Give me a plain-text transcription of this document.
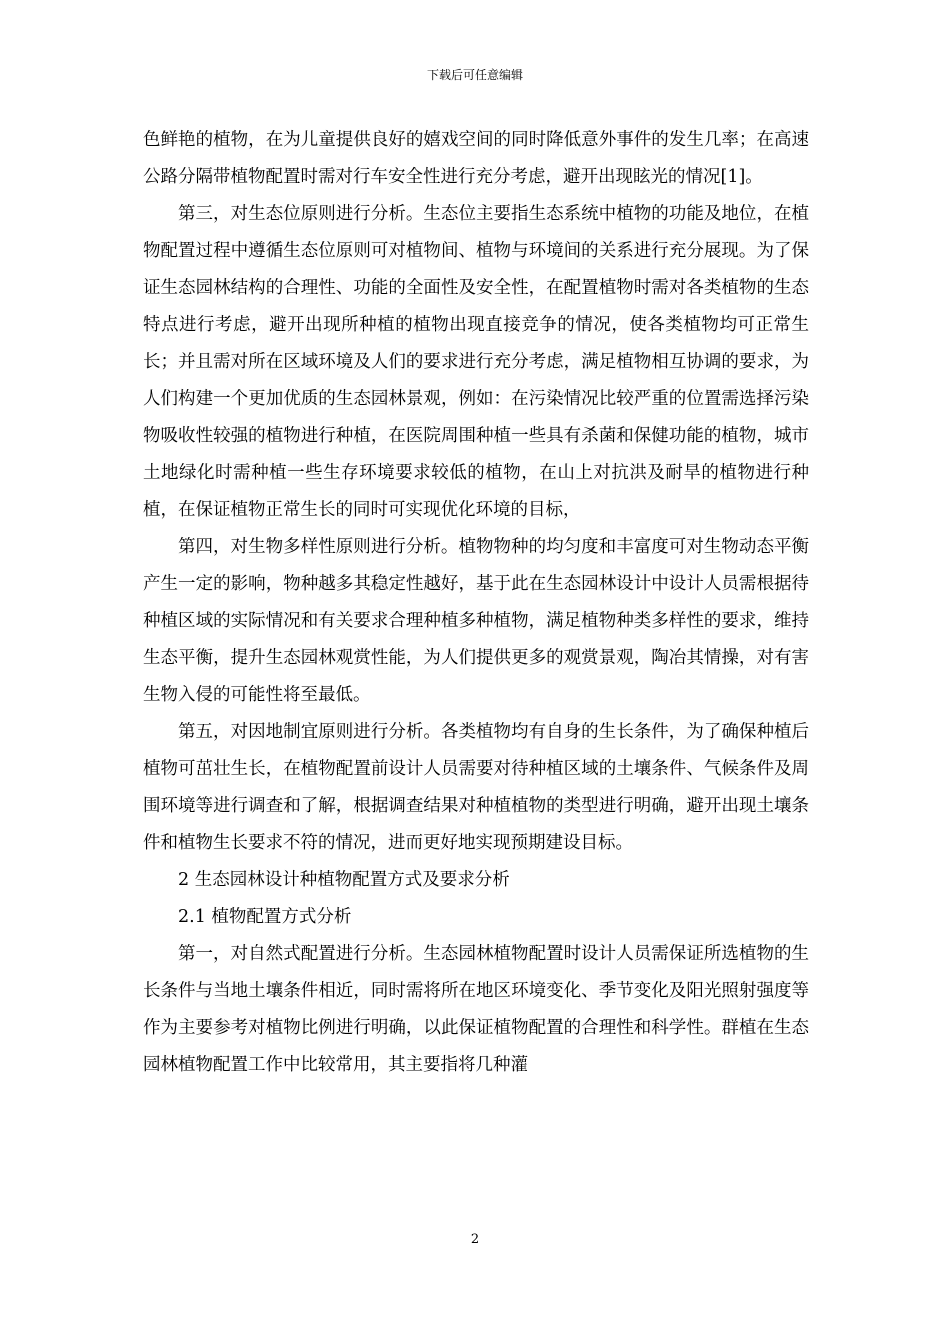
下载后可任意编辑

色鲜艳的植物，在为儿童提供良好的嬉戏空间的同时降低意外事件的发生几率；在高速公路分隔带植物配置时需对行车安全性进行充分考虑，避开出现眩光的情况[1]。

第三，对生态位原则进行分析。生态位主要指生态系统中植物的功能及地位，在植物配置过程中遵循生态位原则可对植物间、植物与环境间的关系进行充分展现。为了保证生态园林结构的合理性、功能的全面性及安全性，在配置植物时需对各类植物的生态特点进行考虑，避开出现所种植的植物出现直接竞争的情况，使各类植物均可正常生长；并且需对所在区域环境及人们的要求进行充分考虑，满足植物相互协调的要求，为人们构建一个更加优质的生态园林景观，例如：在污染情况比较严重的位置需选择污染物吸收性较强的植物进行种植，在医院周围种植一些具有杀菌和保健功能的植物，城市土地绿化时需种植一些生存环境要求较低的植物，在山上对抗洪及耐旱的植物进行种植，在保证植物正常生长的同时可实现优化环境的目标，

第四，对生物多样性原则进行分析。植物物种的均匀度和丰富度可对生物动态平衡产生一定的影响，物种越多其稳定性越好，基于此在生态园林设计中设计人员需根据待种植区域的实际情况和有关要求合理种植多种植物，满足植物种类多样性的要求，维持生态平衡，提升生态园林观赏性能，为人们提供更多的观赏景观，陶冶其情操，对有害生物入侵的可能性将至最低。

第五，对因地制宜原则进行分析。各类植物均有自身的生长条件，为了确保种植后植物可茁壮生长，在植物配置前设计人员需要对待种植区域的土壤条件、气候条件及周围环境等进行调查和了解，根据调查结果对种植植物的类型进行明确，避开出现土壤条件和植物生长要求不符的情况，进而更好地实现预期建设目标。

2 生态园林设计种植物配置方式及要求分析

2.1 植物配置方式分析

第一，对自然式配置进行分析。生态园林植物配置时设计人员需保证所选植物的生长条件与当地土壤条件相近，同时需将所在地区环境变化、季节变化及阳光照射强度等作为主要参考对植物比例进行明确，以此保证植物配置的合理性和科学性。群植在生态园林植物配置工作中比较常用，其主要指将几种灌

2
